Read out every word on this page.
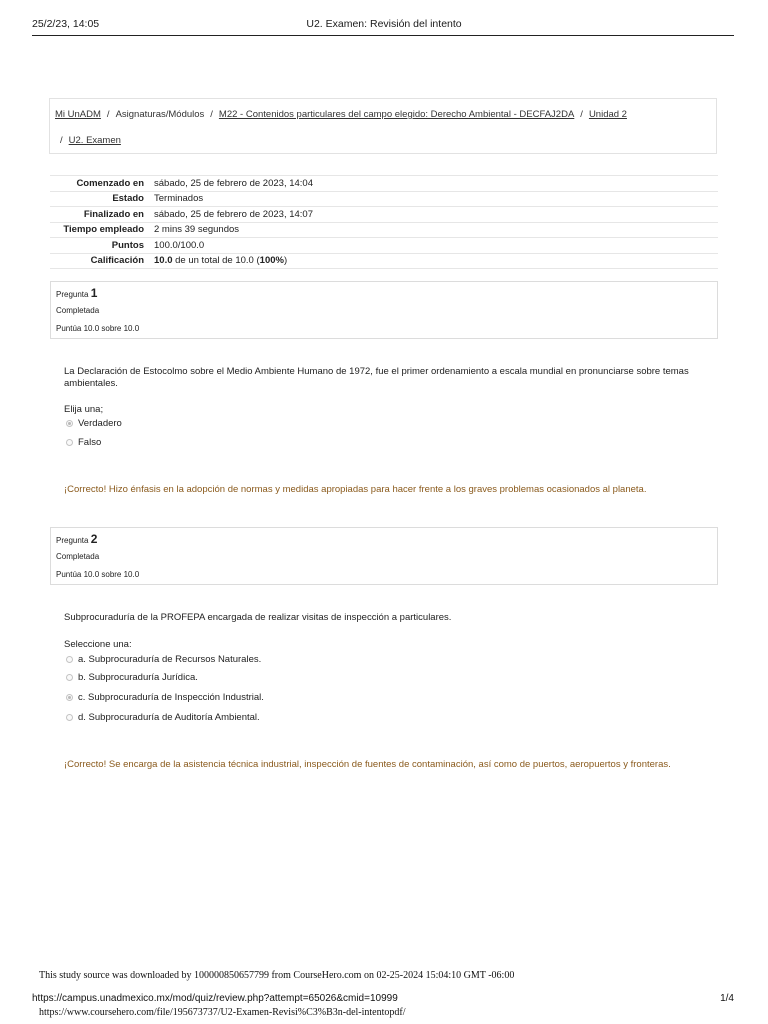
25/2/23, 14:05	U2. Examen: Revisión del intento
Mi UnADM / Asignaturas/Módulos / M22 - Contenidos particulares del campo elegido: Derecho Ambiental - DECFAJ2DA / Unidad 2
/ U2. Examen
Comenzado en	sábado, 25 de febrero de 2023, 14:04
Estado	Terminados
Finalizado en	sábado, 25 de febrero de 2023, 14:07
Tiempo empleado	2 mins 39 segundos
Puntos	100.0/100.0
Calificación	10.0 de un total de 10.0 (100%)
Pregunta 1
Completada
Puntúa 10.0 sobre 10.0
La Declaración de Estocolmo sobre el Medio Ambiente Humano de 1972, fue el primer ordenamiento a escala mundial en pronunciarse sobre temas ambientales.
Elija una;
Verdadero
Falso
¡Correcto! Hizo énfasis en la adopción de normas y medidas apropiadas para hacer frente a los graves problemas ocasionados al planeta.
Pregunta 2
Completada
Puntúa 10.0 sobre 10.0
Subprocuraduría de la PROFEPA encargada de realizar visitas de inspección a particulares.
Seleccione una:
a. Subprocuraduría de Recursos Naturales.
b. Subprocuraduría Jurídica.
c. Subprocuraduría de Inspección Industrial.
d. Subprocuraduría de Auditoría Ambiental.
¡Correcto! Se encarga de la asistencia técnica industrial, inspección de fuentes de contaminación, así como de puertos, aeropuertos y fronteras.
This study source was downloaded by 100000850657799 from CourseHero.com on 02-25-2024 15:04:10 GMT -06:00
https://campus.unadmexico.mx/mod/quiz/review.php?attempt=65026&cmid=10999	1/4
https://www.coursehero.com/file/195673737/U2-Examen-Revisi%C3%B3n-del-intentopdf/
